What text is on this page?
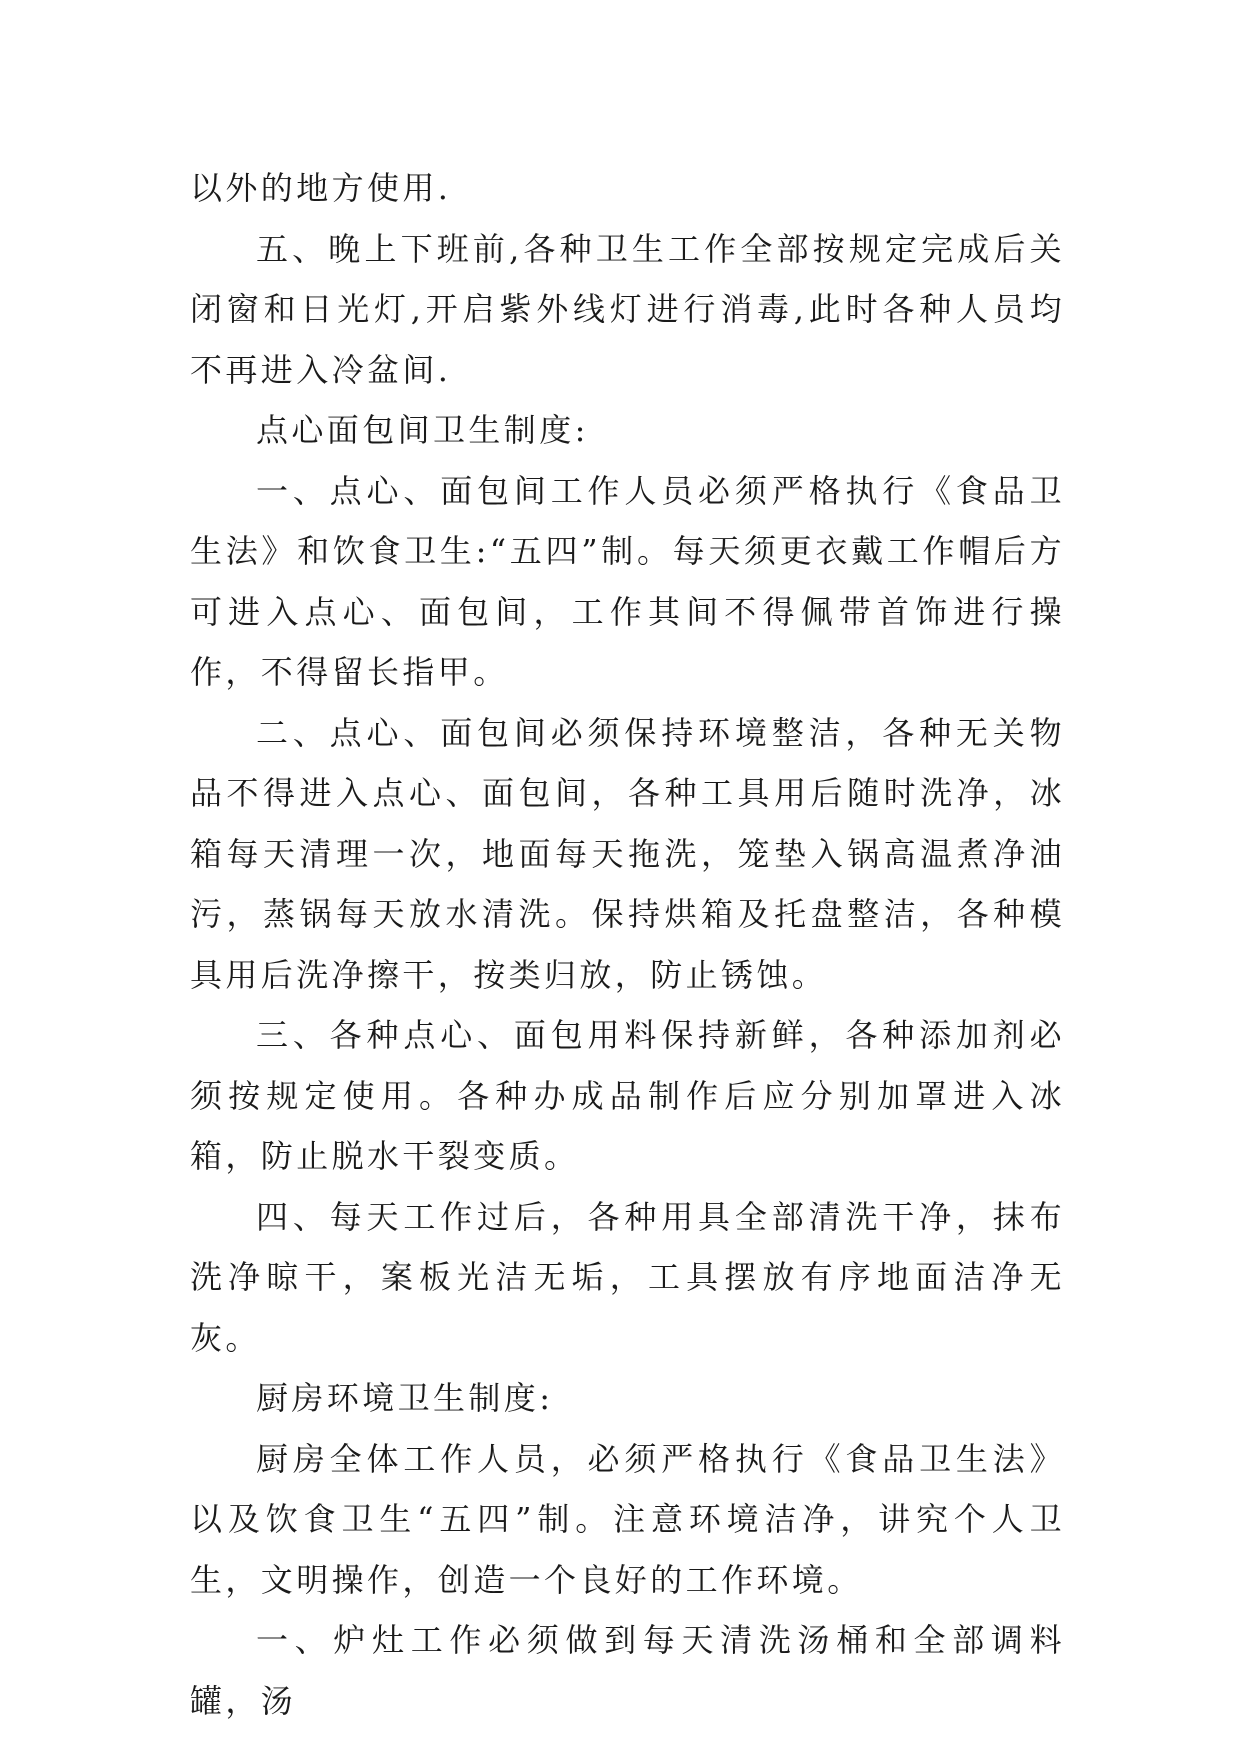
以外的地方使用.

五、晚上下班前,各种卫生工作全部按规定完成后关闭窗和日光灯,开启紫外线灯进行消毒,此时各种人员均不再进入冷盆间.

点心面包间卫生制度:

一、点心、面包间工作人员必须严格执行《食品卫生法》和饮食卫生:“五四”制。每天须更衣戴工作帽后方可进入点心、面包间，工作其间不得佩带首饰进行操作，不得留长指甲。

二、点心、面包间必须保持环境整洁，各种无关物品不得进入点心、面包间，各种工具用后随时洗净，冰箱每天清理一次，地面每天拖洗，笼垫入锅高温煮净油污，蒸锅每天放水清洗。保持烘箱及托盘整洁，各种模具用后洗净擦干，按类归放，防止锈蚀。

三、各种点心、面包用料保持新鲜，各种添加剂必须按规定使用。各种办成品制作后应分别加罩进入冰箱，防止脱水干裂变质。

四、每天工作过后，各种用具全部清洗干净，抹布洗净晾干，案板光洁无垢，工具摆放有序地面洁净无灰。

厨房环境卫生制度:

厨房全体工作人员，必须严格执行《食品卫生法》以及饮食卫生“五四”制。注意环境洁净，讲究个人卫生，文明操作，创造一个良好的工作环境。

一、炉灶工作必须做到每天清洗汤桶和全部调料罐，汤
